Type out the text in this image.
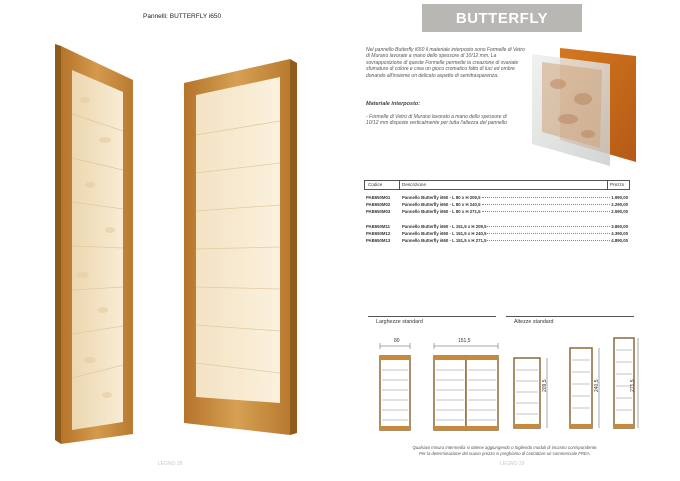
Pannelli: BUTTERFLY i650	BUTTERFLY
Nel pannello Butterfly i650 il materiale interposto sono Formelle di Vetro di Murano lavorate a mano dello spessore di 10/12 mm. La sovrapposizione di queste Formelle permette la creazione di svariate sfumature di colore e crea un gioco cromatico fatto di luci ed ombre donando all'insieme un delicato aspetto di semitrasparenza.
Materiale interposto:
- Formelle di Vetro di Murano lavorato a mano dello spessore di 10/12 mm disposte verticalmente per tutta l'altezza del pannello
Codice	Descrizione	Prezzo
PAB650M01	Pannello Butterfly i650 - L 80 x H 209,5	1.990,00
PAB650M02	Pannello Butterfly i650 - L 80 x H 240,5	2.290,00
PAB650M03	Pannello Butterfly i650 - L 80 x H 271,5	2.590,00
PAB650M11	Pannello Butterfly i650 - L 151,5 x H 209,5	3.860,00
PAB650M12	Pannello Butterfly i650 - L 151,5 x H 240,5	4.390,00
PAB650M13	Pannello Butterfly i650 - L 151,5 x H 271,5	4.890,00
Larghezze standard	Altezze standard
80	151,5
209,5	240,5	271,5
Qualsiasi misura intermedia si ottiene aggiungendo o togliendo moduli di incastro corrispondente.
Per la determinazione del nuovo prezzo si preghiamo di contattare un commerciale FREA.
LEGNO 28	LEGNO 29
